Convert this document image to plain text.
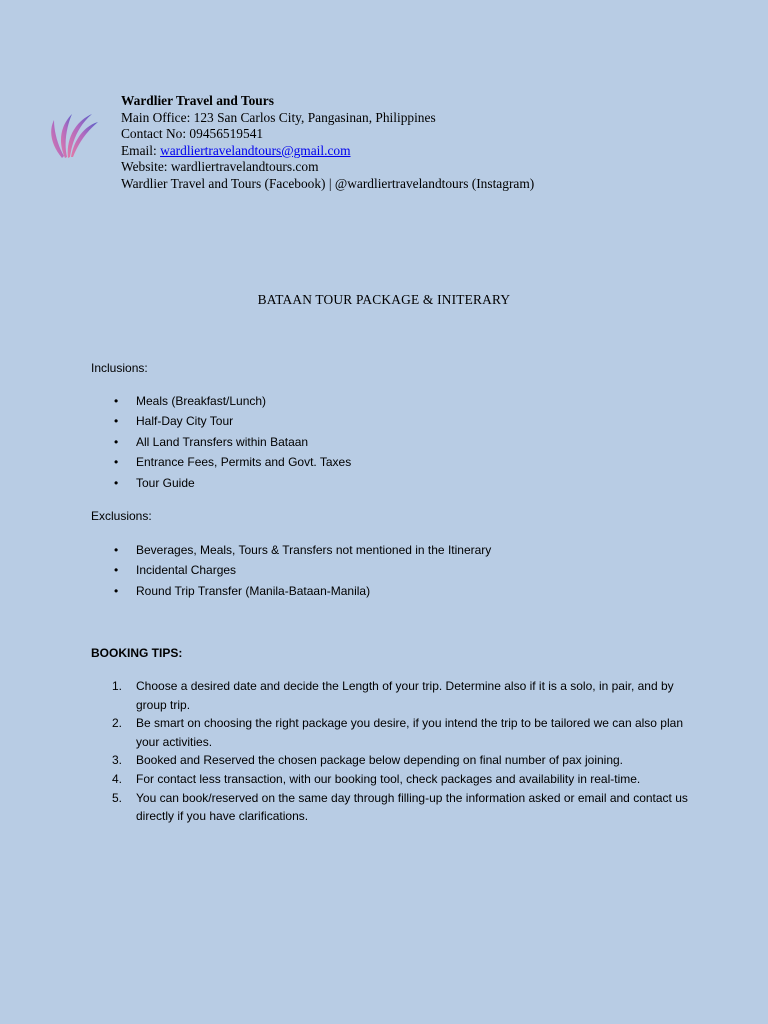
Wardlier Travel and Tours
Main Office: 123 San Carlos City, Pangasinan, Philippines
Contact No: 09456519541
Email: wardliertravelandtours@gmail.com
Website: wardliertravelandtours.com
Wardlier Travel and Tours (Facebook) | @wardliertravelandtours (Instagram)
BATAAN TOUR PACKAGE & INITERARY
Inclusions:
• Meals (Breakfast/Lunch)
• Half-Day City Tour
• All Land Transfers within Bataan
• Entrance Fees, Permits and Govt. Taxes
• Tour Guide
Exclusions:
• Beverages, Meals, Tours & Transfers not mentioned in the Itinerary
• Incidental Charges
• Round Trip Transfer (Manila-Bataan-Manila)
BOOKING TIPS:
1. Choose a desired date and decide the Length of your trip. Determine also if it is a solo, in pair, and by group trip.
2. Be smart on choosing the right package you desire, if you intend the trip to be tailored we can also plan your activities.
3. Booked and Reserved the chosen package below depending on final number of pax joining.
4. For contact less transaction, with our booking tool, check packages and availability in real-time.
5. You can book/reserved on the same day through filling-up the information asked or email and contact us directly if you have clarifications.
